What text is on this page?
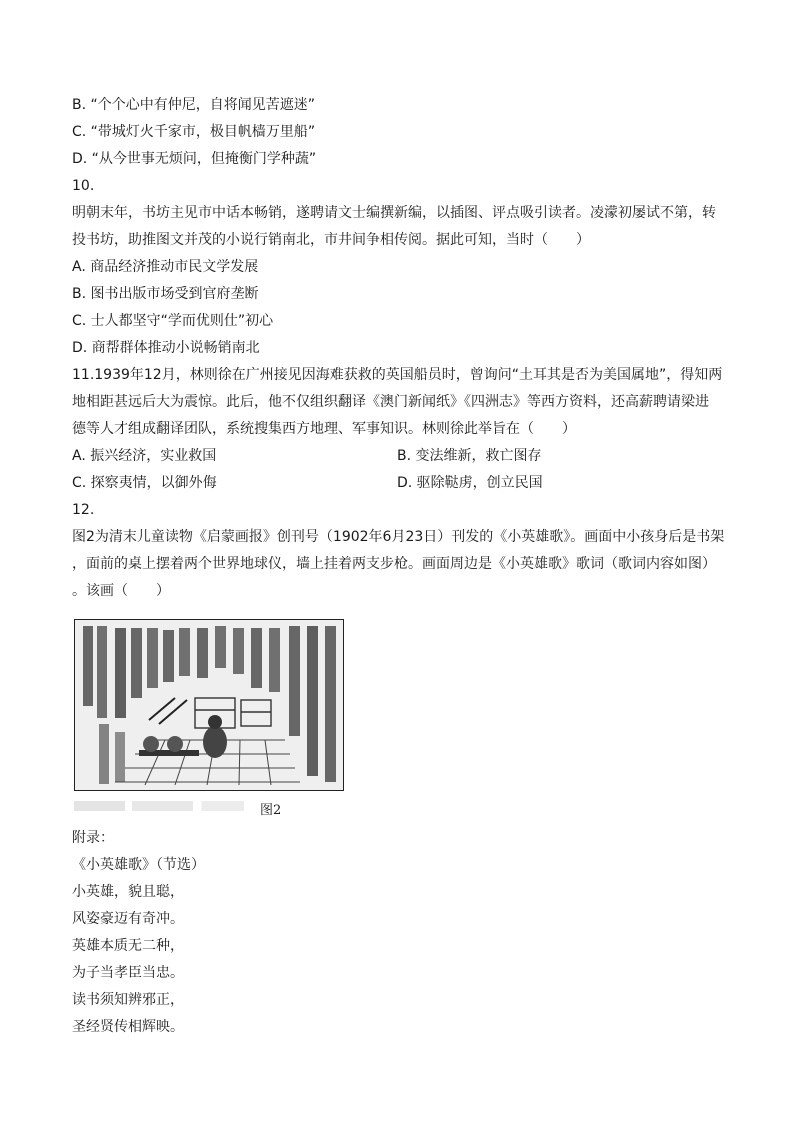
B. “个个心中有仲尼，自将闻见苦遮迷”
C. “带城灯火千家市，极目帆樯万里船”
D. “从今世事无烦问，但掩衡门学种蔬”
10.
明朝末年，书坊主见市中话本畅销，遂聘请文士编撰新编，以插图、评点吸引读者。凌濛初屡试不第，转
投书坊，助推图文并茂的小说行销南北，市井间争相传阅。据此可知，当时（　　）
A. 商品经济推动市民文学发展
B. 图书出版市场受到官府垄断
C. 士人都坚守“学而优则仕”初心
D. 商帮群体推动小说畅销南北
11.1939年12月，林则徐在广州接见因海难获救的英国船员时，曾询问“土耳其是否为美国属地”，得知两
地相距甚远后大为震惊。此后，他不仅组织翻译《澳门新闻纸》《四洲志》等西方资料，还高薪聘请梁进
德等人才组成翻译团队，系统搜集西方地理、军事知识。林则徐此举旨在（　　）
A. 振兴经济，实业救国	B. 变法维新，救亡图存
C. 探察夷情，以御外侮	D. 驱除鞑虏，创立民国
12.
图2为清末儿童读物《启蒙画报》创刊号（1902年6月23日）刊发的《小英雄歌》。画面中小孩身后是书架
，面前的桌上摆着两个世界地球仪，墙上挂着两支步枪。画面周边是《小英雄歌》歌词（歌词内容如图）
。该画（　　）
图2
附录：
《小英雄歌》（节选）
小英雄，貌且聪，
风姿豪迈有奇冲。
英雄本质无二种，
为子当孝臣当忠。
读书须知辨邪正，
圣经贤传相辉映。
